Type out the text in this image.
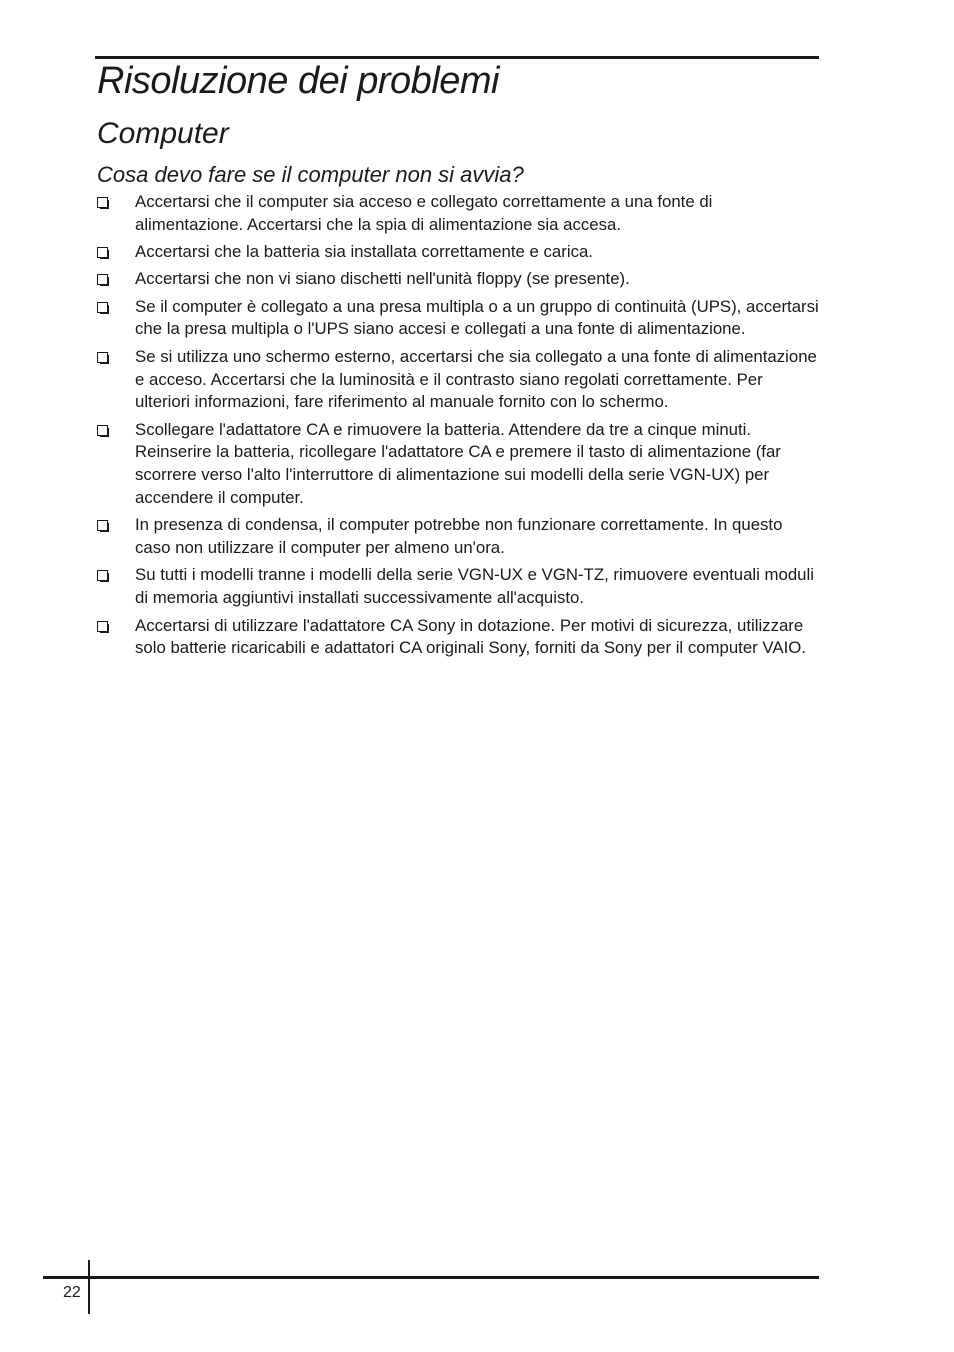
Risoluzione dei problemi
Computer
Cosa devo fare se il computer non si avvia?
Accertarsi che il computer sia acceso e collegato correttamente a una fonte di alimentazione. Accertarsi che la spia di alimentazione sia accesa.
Accertarsi che la batteria sia installata correttamente e carica.
Accertarsi che non vi siano dischetti nell'unità floppy (se presente).
Se il computer è collegato a una presa multipla o a un gruppo di continuità (UPS), accertarsi che la presa multipla o l'UPS siano accesi e collegati a una fonte di alimentazione.
Se si utilizza uno schermo esterno, accertarsi che sia collegato a una fonte di alimentazione e acceso. Accertarsi che la luminosità e il contrasto siano regolati correttamente. Per ulteriori informazioni, fare riferimento al manuale fornito con lo schermo.
Scollegare l'adattatore CA e rimuovere la batteria. Attendere da tre a cinque minuti. Reinserire la batteria, ricollegare l'adattatore CA e premere il tasto di alimentazione (far scorrere verso l'alto l'interruttore di alimentazione sui modelli della serie VGN-UX) per accendere il computer.
In presenza di condensa, il computer potrebbe non funzionare correttamente. In questo caso non utilizzare il computer per almeno un'ora.
Su tutti i modelli tranne i modelli della serie VGN-UX e VGN-TZ, rimuovere eventuali moduli di memoria aggiuntivi installati successivamente all'acquisto.
Accertarsi di utilizzare l'adattatore CA Sony in dotazione. Per motivi di sicurezza, utilizzare solo batterie ricaricabili e adattatori CA originali Sony, forniti da Sony per il computer VAIO.
22
